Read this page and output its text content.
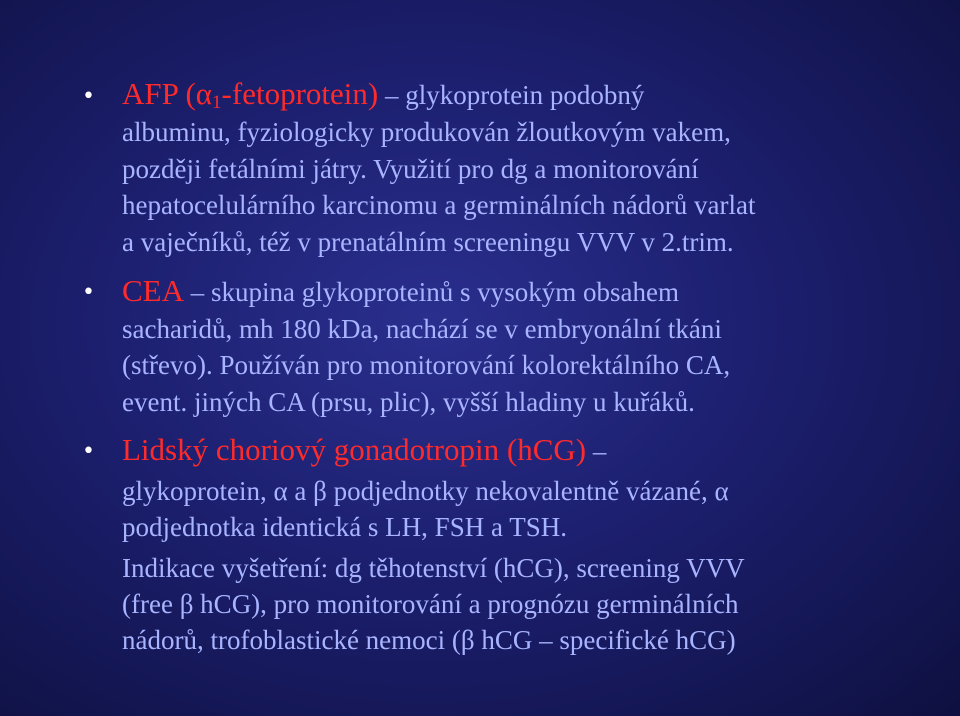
• AFP $(\alpha_1-fetoprotein)$ – glykoprotein podobný
albuminu, fyziologicky produkován žloutkovým vakem,
později fetálními játry. Využití pro dg a monitorování
hepatocelulárního karcinomu a germinálních nádorů varlat
a vaječníků, též v prenatálním screeningu VVV v 2.trim.
• CEA – skupina glykoproteinů s vysokým obsahem
sacharidů, mh 180 kDa, nachází se v embryonální tkáni
(střevo). Používán pro monitorování kolorektálního CA,
event. jiných CA (prsu, plic), vyšší hladiny u kuřáků.
• Lidský choriový gonadotropin (hCG) –
glykoprotein, α a β podjednotky nekovalentně vázané, α
podjednotka identická s LH, FSH a TSH.
Indikace vyšetření: dg těhotenství (hCG), screening VVV
(free β hCG), pro monitorování a prognózu germinálních
nádorů, trofoblastické nemoci (β hCG – specifické hCG)
